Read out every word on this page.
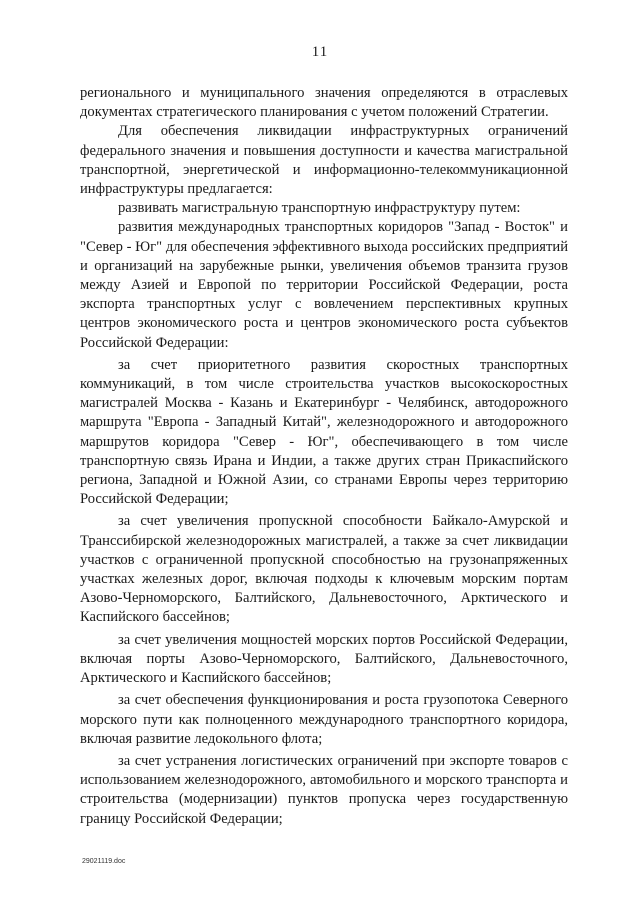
11

регионального и муниципального значения определяются в отраслевых документах стратегического планирования с учетом положений Стратегии.

Для обеспечения ликвидации инфраструктурных ограничений федерального значения и повышения доступности и качества магистральной транспортной, энергетической и информационно-телекоммуникационной инфраструктуры предлагается:

развивать магистральную транспортную инфраструктуру путем:

развития международных транспортных коридоров "Запад - Восток" и "Север - Юг" для обеспечения эффективного выхода российских предприятий и организаций на зарубежные рынки, увеличения объемов транзита грузов между Азией и Европой по территории Российской Федерации, роста экспорта транспортных услуг с вовлечением перспективных крупных центров экономического роста и центров экономического роста субъектов Российской Федерации:

за счет приоритетного развития скоростных транспортных коммуникаций, в том числе строительства участков высокоскоростных магистралей Москва - Казань и Екатеринбург - Челябинск, автодорожного маршрута "Европа - Западный Китай", железнодорожного и автодорожного маршрутов коридора "Север - Юг", обеспечивающего в том числе транспортную связь Ирана и Индии, а также других стран Прикаспийского региона, Западной и Южной Азии, со странами Европы через территорию Российской Федерации;

за счет увеличения пропускной способности Байкало-Амурской и Транссибирской железнодорожных магистралей, а также за счет ликвидации участков с ограниченной пропускной способностью на грузонапряженных участках железных дорог, включая подходы к ключевым морским портам Азово-Черноморского, Балтийского, Дальневосточного, Арктического и Каспийского бассейнов;

за счет увеличения мощностей морских портов Российской Федерации, включая порты Азово-Черноморского, Балтийского, Дальневосточного, Арктического и Каспийского бассейнов;

за счет обеспечения функционирования и роста грузопотока Северного морского пути как полноценного международного транспортного коридора, включая развитие ледокольного флота;

за счет устранения логистических ограничений при экспорте товаров с использованием железнодорожного, автомобильного и морского транспорта и строительства (модернизации) пунктов пропуска через государственную границу Российской Федерации;

29021119.doc
